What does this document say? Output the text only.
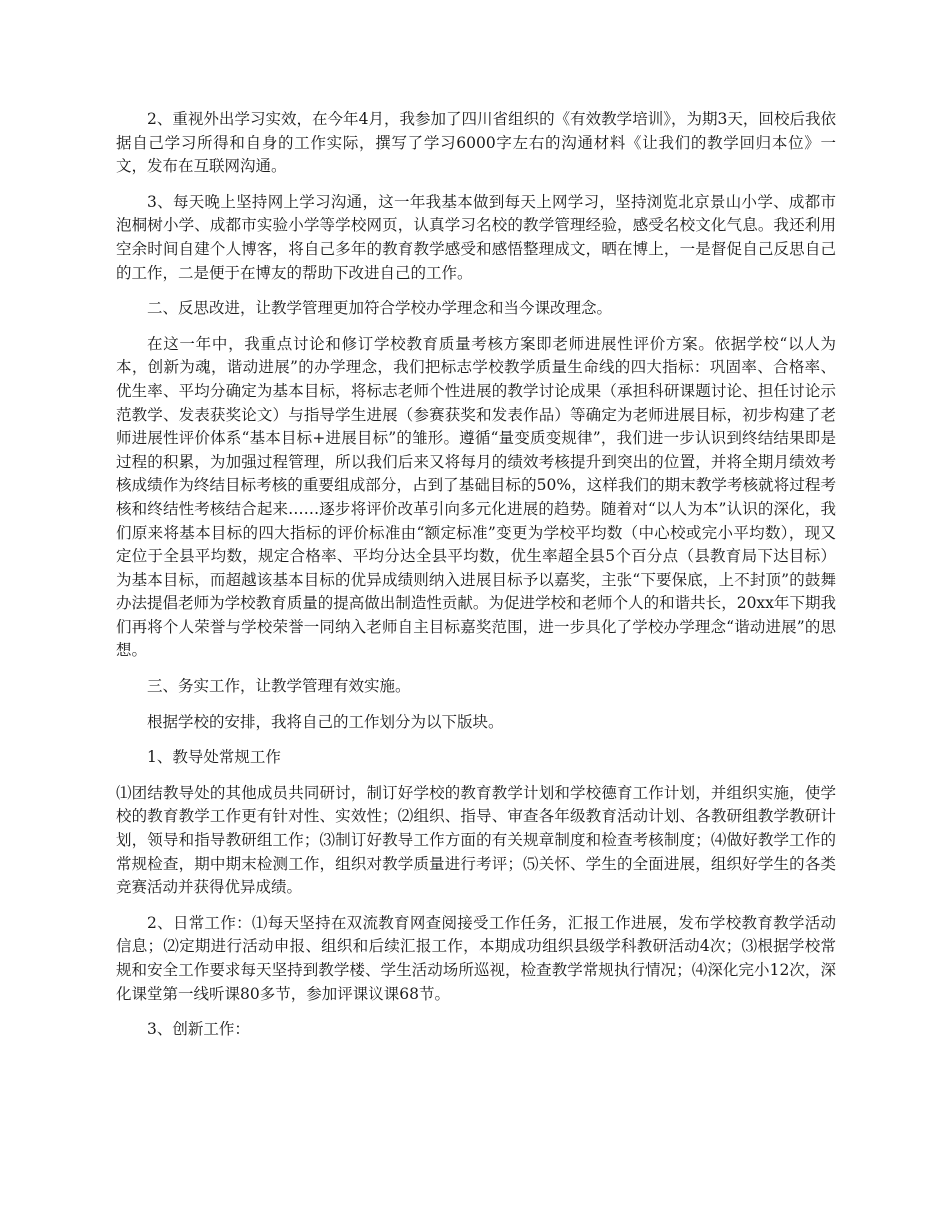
2、重视外出学习实效，在今年4月，我参加了四川省组织的《有效教学培训》，为期3天，回校后我依据自己学习所得和自身的工作实际，撰写了学习6000字左右的沟通材料《让我们的教学回归本位》一文，发布在互联网沟通。

3、每天晚上坚持网上学习沟通，这一年我基本做到每天上网学习，坚持浏览北京景山小学、成都市泡桐树小学、成都市实验小学等学校网页，认真学习名校的教学管理经验，感受名校文化气息。我还利用空余时间自建个人博客，将自己多年的教育教学感受和感悟整理成文，晒在博上，一是督促自己反思自己的工作，二是便于在博友的帮助下改进自己的工作。

二、反思改进，让教学管理更加符合学校办学理念和当今课改理念。

在这一年中，我重点讨论和修订学校教育质量考核方案即老师进展性评价方案。依据学校“以人为本，创新为魂，谐动进展”的办学理念，我们把标志学校教学质量生命线的四大指标：巩固率、合格率、优生率、平均分确定为基本目标，将标志老师个性进展的教学讨论成果（承担科研课题讨论、担任讨论示范教学、发表获奖论文）与指导学生进展（参赛获奖和发表作品）等确定为老师进展目标，初步构建了老师进展性评价体系“基本目标+进展目标”的雏形。遵循“量变质变规律”，我们进一步认识到终结结果即是过程的积累，为加强过程管理，所以我们后来又将每月的绩效考核提升到突出的位置，并将全期月绩效考核成绩作为终结目标考核的重要组成部分，占到了基础目标的50%，这样我们的期末教学考核就将过程考核和终结性考核结合起来……逐步将评价改革引向多元化进展的趋势。随着对“以人为本”认识的深化，我们原来将基本目标的四大指标的评价标准由“额定标准”变更为学校平均数（中心校或完小平均数），现又定位于全县平均数，规定合格率、平均分达全县平均数，优生率超全县5个百分点（县教育局下达目标）为基本目标，而超越该基本目标的优异成绩则纳入进展目标予以嘉奖，主张“下要保底，上不封顶”的鼓舞办法提倡老师为学校教育质量的提高做出制造性贡献。为促进学校和老师个人的和谐共长，20xx年下期我们再将个人荣誉与学校荣誉一同纳入老师自主目标嘉奖范围，进一步具化了学校办学理念“谐动进展”的思想。

三、务实工作，让教学管理有效实施。

根据学校的安排，我将自己的工作划分为以下版块。

1、教导处常规工作

⑴团结教导处的其他成员共同研讨，制订好学校的教育教学计划和学校德育工作计划，并组织实施，使学校的教育教学工作更有针对性、实效性；⑵组织、指导、审查各年级教育活动计划、各教研组教学教研计划，领导和指导教研组工作；⑶制订好教导工作方面的有关规章制度和检查考核制度；⑷做好教学工作的常规检查，期中期末检测工作，组织对教学质量进行考评；⑸关怀、学生的全面进展，组织好学生的各类竞赛活动并获得优异成绩。

2、日常工作：⑴每天坚持在双流教育网查阅接受工作任务，汇报工作进展，发布学校教育教学活动信息；⑵定期进行活动申报、组织和后续汇报工作，本期成功组织县级学科教研活动4次；⑶根据学校常规和安全工作要求每天坚持到教学楼、学生活动场所巡视，检查教学常规执行情况；⑷深化完小12次，深化课堂第一线听课80多节，参加评课议课68节。

3、创新工作：
